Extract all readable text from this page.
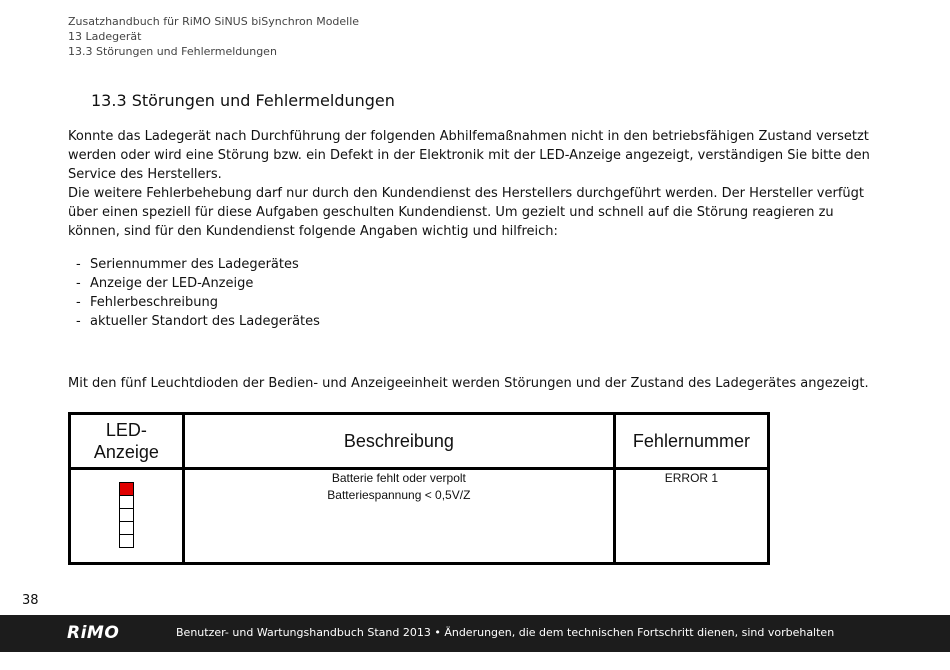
Zusatzhandbuch für RiMO SiNUS biSynchron Modelle
13 Ladegerät
13.3 Störungen und Fehlermeldungen
13.3 Störungen und Fehlermeldungen

Konnte das Ladegerät nach Durchführung der folgenden Abhilfemaßnahmen nicht in den betriebsfähigen Zustand versetzt werden oder wird eine Störung bzw. ein Defekt in der Elektronik mit der LED-Anzeige angezeigt, verständigen Sie bitte den Service des Herstellers.

Die weitere Fehlerbehebung darf nur durch den Kundendienst des Herstellers durchgeführt werden. Der Hersteller verfügt über einen speziell für diese Aufgaben geschulten Kundendienst. Um gezielt und schnell auf die Störung reagieren zu können, sind für den Kundendienst folgende Angaben wichtig und hilfreich:

- Seriennummer des Ladegerätes
- Anzeige der LED-Anzeige
- Fehlerbeschreibung
- aktueller Standort des Ladegerätes
Mit den fünf Leuchtdioden der Bedien- und Anzeigeeinheit werden Störungen und der Zustand des Ladegerätes angezeigt.
LED-
Anzeige	Beschreibung	Fehlernummer

	Batterie fehlt oder verpolt
Batteriespannung < 0,5V/Z	ERROR 1
38
RiMO	Benutzer- und Wartungshandbuch Stand 2013 • Änderungen, die dem technischen Fortschritt dienen, sind vorbehalten
